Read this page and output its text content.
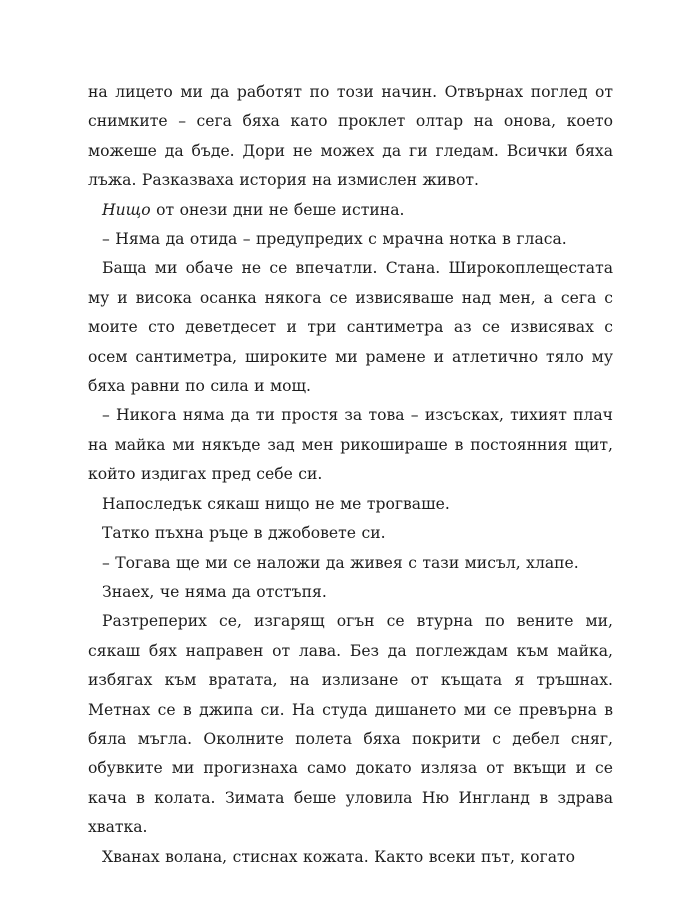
на лицето ми да работят по този начин. Отвърнах поглед от снимките – сега бяха като проклет олтар на онова, което можеше да бъде. Дори не можех да ги гледам. Всички бяха лъжа. Разказваха история на измислен живот.

Нищо от онези дни не беше истина.

– Няма да отида – предупредих с мрачна нотка в гласа.

Баща ми обаче не се впечатли. Стана. Широкоплещестата му и висока осанка някога се извисяваше над мен, а сега с моите сто деветдесет и три сантиметра аз се извисявах с осем сантиметра, широките ми рамене и атлетично тяло му бяха равни по сила и мощ.

– Никога няма да ти простя за това – изсъсках, тихият плач на майка ми някъде зад мен рикошираше в постоянния щит, който издигах пред себе си.

Напоследък сякаш нищо не ме трогваше.

Татко пъхна ръце в джобовете си.

– Тогава ще ми се наложи да живея с тази мисъл, хлапе.

Знаех, че няма да отстъпя.

Разтреперих се, изгарящ огън се втурна по вените ми, сякаш бях направен от лава. Без да поглеждам към майка, избягах към вратата, на излизане от къщата я тръшнах. Метнах се в джипа си. На студа дишането ми се превърна в бяла мъгла. Околните полета бяха покрити с дебел сняг, обувките ми прогизнаха само докато изляза от вкъщи и се кача в колата. Зимата беше уловила Ню Ингланд в здрава хватка.

Хванах волана, стиснах кожата. Както всеки път, когато
